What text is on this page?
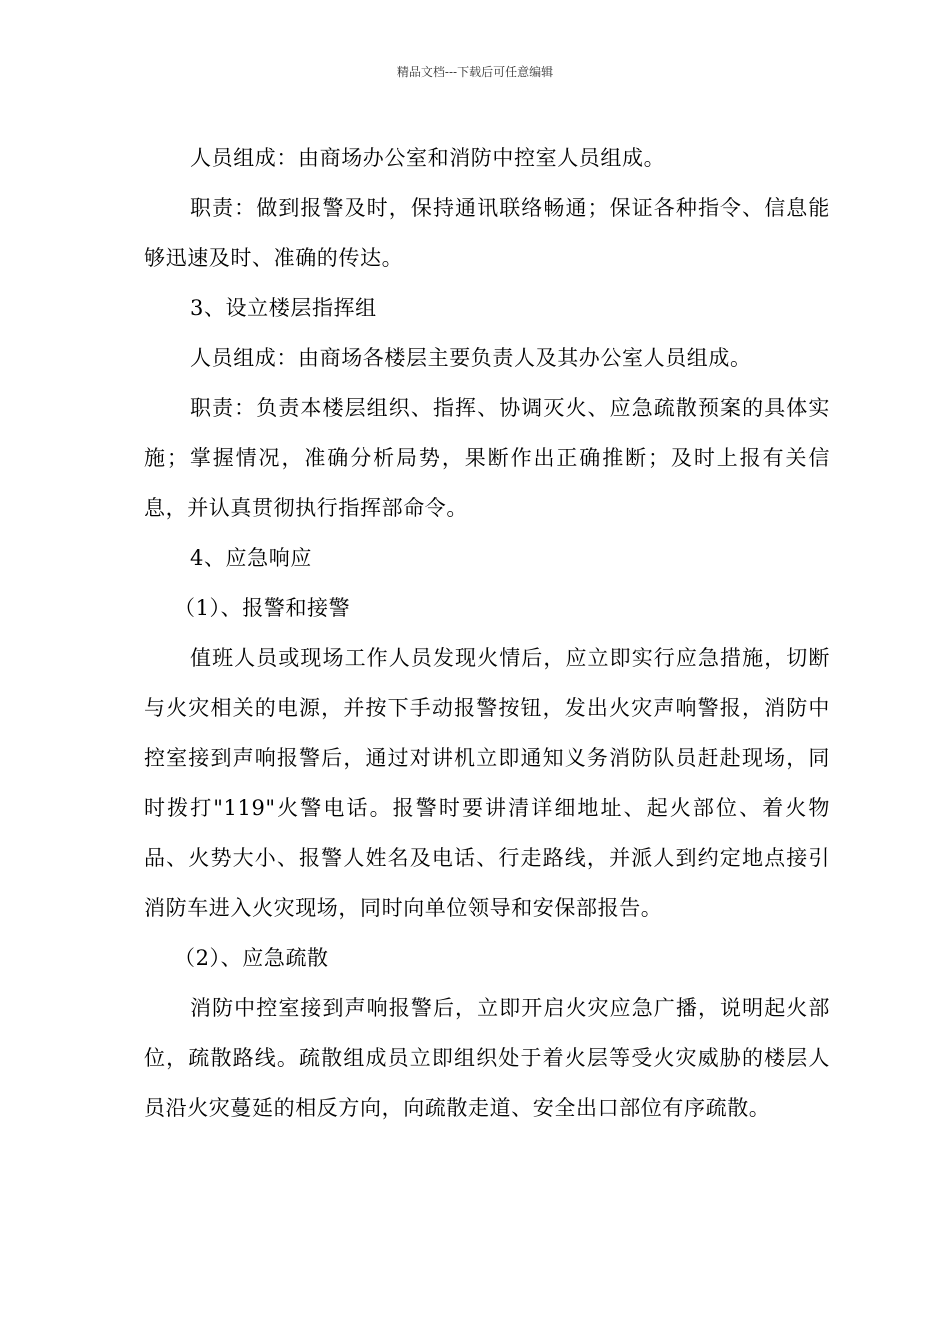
精品文档---下载后可任意编辑

人员组成：由商场办公室和消防中控室人员组成。

职责：做到报警及时，保持通讯联络畅通；保证各种指令、信息能够迅速及时、准确的传达。

3、设立楼层指挥组

人员组成：由商场各楼层主要负责人及其办公室人员组成。

职责：负责本楼层组织、指挥、协调灭火、应急疏散预案的具体实施；掌握情况，准确分析局势，果断作出正确推断；及时上报有关信息，并认真贯彻执行指挥部命令。

4、应急响应

（1）、报警和接警

值班人员或现场工作人员发现火情后，应立即实行应急措施，切断与火灾相关的电源，并按下手动报警按钮，发出火灾声响警报，消防中控室接到声响报警后，通过对讲机立即通知义务消防队员赶赴现场，同时拨打"119"火警电话。报警时要讲清详细地址、起火部位、着火物品、火势大小、报警人姓名及电话、行走路线，并派人到约定地点接引消防车进入火灾现场，同时向单位领导和安保部报告。

（2）、应急疏散

消防中控室接到声响报警后，立即开启火灾应急广播，说明起火部位，疏散路线。疏散组成员立即组织处于着火层等受火灾威胁的楼层人员沿火灾蔓延的相反方向，向疏散走道、安全出口部位有序疏散。
